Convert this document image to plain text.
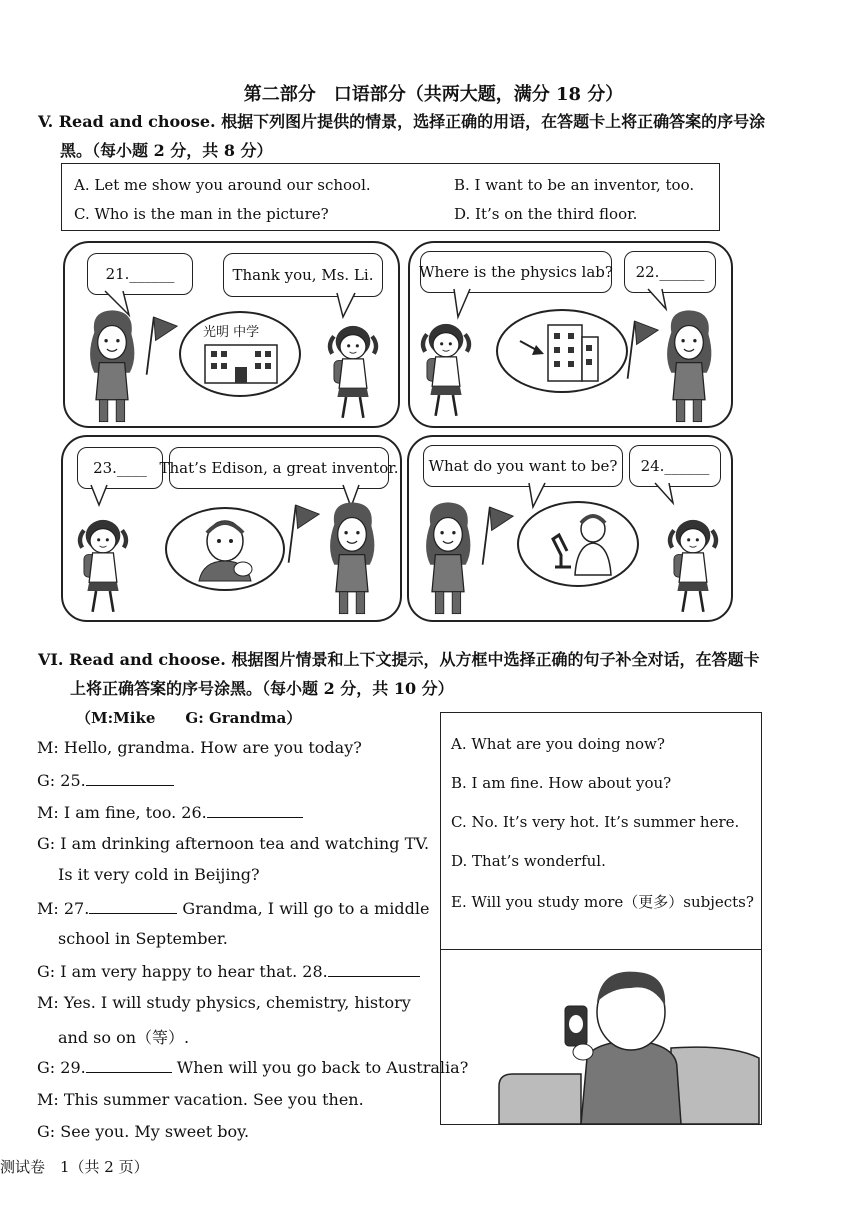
第二部分　口语部分（共两大题，满分 18 分）
V. Read and choose. 根据下列图片提供的情景，选择正确的用语，在答题卡上将正确答案的序号涂
黑。（每小题 2 分，共 8 分）
A. Let me show you around our school.	B. I want to be an inventor, too.
C. Who is the man in the picture?	D. It’s on the third floor.
21.______	Thank you, Ms. Li.
光明 中学
Where is the physics lab? 22.______
23.____ That’s Edison, a great inventor. What do you want to be? 24.______
VI. Read and choose. 根据图片情景和上下文提示，从方框中选择正确的句子补全对话，在答题卡
上将正确答案的序号涂黑。（每小题 2 分，共 10 分）
（M:Mike　　G: Grandma）
M: Hello, grandma. How are you today?
G: 25.
M: I am fine, too. 26.
G: I am drinking afternoon tea and watching TV.
Is it very cold in Beijing?
M: 27.	Grandma, I will go to a middle
school in September.
G: I am very happy to hear that. 28.
M: Yes. I will study physics, chemistry, history
and so on（等）.
G: 29.	When will you go back to Australia?
M: This summer vacation. See you then.
G: See you. My sweet boy.
A. What are you doing now?
B. I am fine. How about you?
C. No. It’s very hot. It’s summer here.
D. That’s wonderful.
E. Will you study more（更多）subjects?
测试卷　1（共 2 页）
